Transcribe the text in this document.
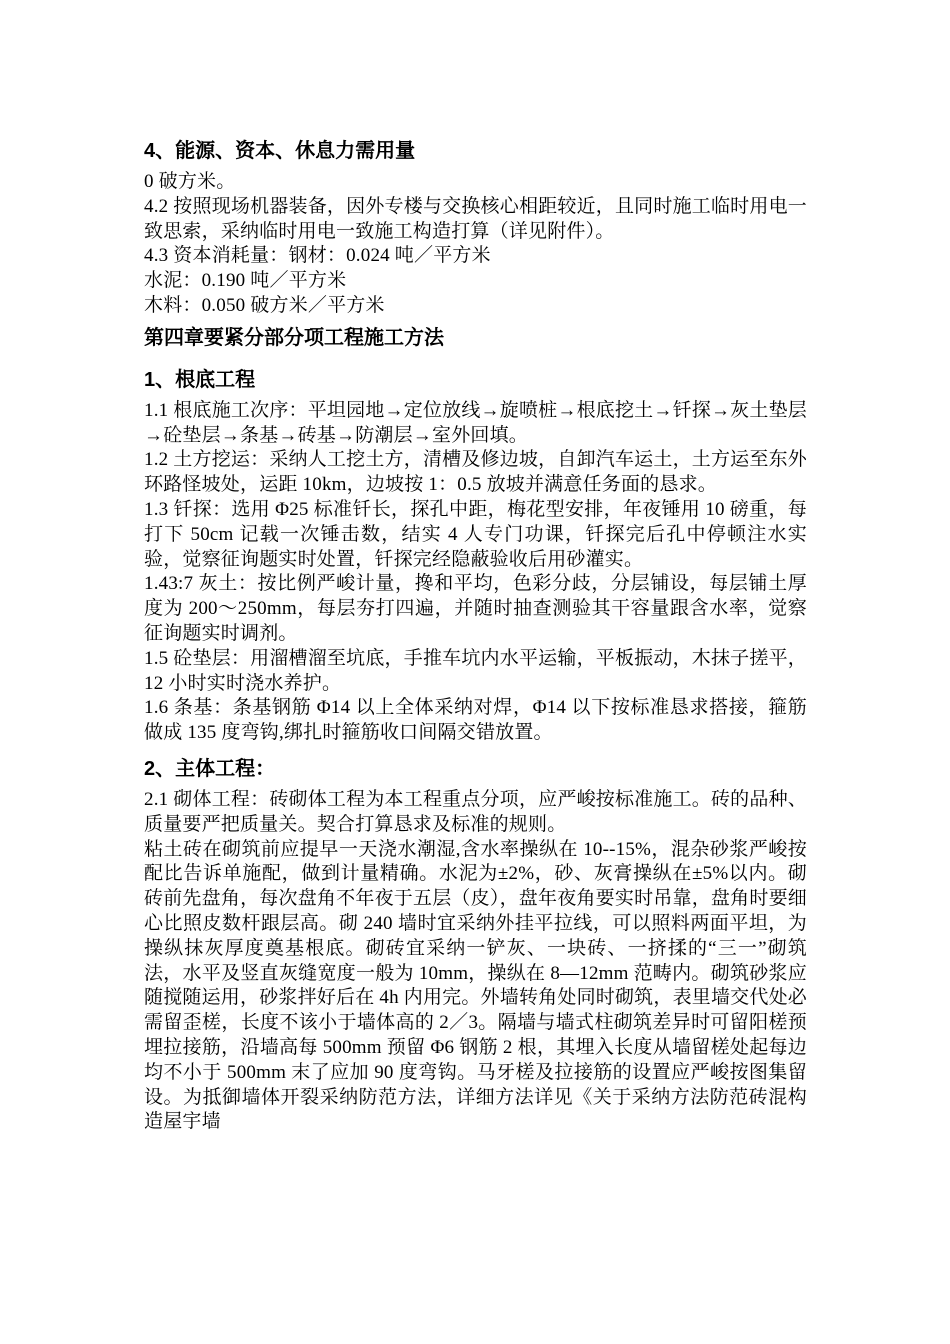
4、能源、资本、休息力需用量
0 破方米。
4.2 按照现场机器装备，因外专楼与交换核心相距较近，且同时施工临时用电一致思索，采纳临时用电一致施工构造打算（详见附件）。
4.3 资本消耗量：钢材：0.024 吨／平方米
水泥：0.190 吨／平方米
木料：0.050 破方米／平方米
第四章要紧分部分项工程施工方法
1、根底工程
1.1 根底施工次序：平坦园地→定位放线→旋喷桩→根底挖土→钎探→灰土垫层→砼垫层→条基→砖基→防潮层→室外回填。
1.2 土方挖运：采纳人工挖土方，清槽及修边坡，自卸汽车运土，土方运至东外环路怪坡处，运距 10km，边坡按 1：0.5 放坡并满意任务面的恳求。
1.3 钎探：选用 Φ25 标准钎长，探孔中距，梅花型安排，年夜锤用 10 磅重，每打下 50cm 记载一次锤击数，结实 4 人专门功课，钎探完后孔中停顿注水实验，觉察征询题实时处置，钎探完经隐蔽验收后用砂灌实。
1.43:7 灰土：按比例严峻计量，搀和平均，色彩分歧，分层铺设，每层铺土厚度为 200～250mm，每层夯打四遍，并随时抽查测验其干容量跟含水率，觉察征询题实时调剂。
1.5 砼垫层：用溜槽溜至坑底，手推车坑内水平运输，平板振动，木抹子搓平，12 小时实时浇水养护。
1.6 条基：条基钢筋 Φ14 以上全体采纳对焊，Φ14 以下按标准恳求搭接，箍筋做成 135 度弯钩,绑扎时箍筋收口间隔交错放置。
2、主体工程：
2.1 砌体工程：砖砌体工程为本工程重点分项，应严峻按标准施工。砖的品种、质量要严把质量关。契合打算恳求及标准的规则。
粘土砖在砌筑前应提早一天浇水潮湿,含水率操纵在 10--15%，混杂砂浆严峻按配比告诉单施配，做到计量精确。水泥为±2%，砂、灰膏操纵在±5%以内。砌砖前先盘角，每次盘角不年夜于五层（皮），盘年夜角要实时吊靠，盘角时要细心比照皮数杆跟层高。砌 240 墙时宜采纳外挂平拉线，可以照料两面平坦，为操纵抹灰厚度奠基根底。砌砖宜采纳一铲灰、一块砖、一挤揉的“三一”砌筑法，水平及竖直灰缝宽度一般为 10mm，操纵在 8—12mm 范畴内。砌筑砂浆应随搅随运用，砂浆拌好后在 4h 内用完。外墙转角处同时砌筑，表里墙交代处必需留歪槎，长度不该小于墙体高的 2／3。隔墙与墙式柱砌筑差异时可留阳槎预埋拉接筋，沿墙高每 500mm 预留 Φ6 钢筋 2 根，其埋入长度从墙留槎处起每边均不小于 500mm 末了应加 90 度弯钩。马牙槎及拉接筋的设置应严峻按图集留设。为抵御墙体开裂采纳防范方法，详细方法详见《关于采纳方法防范砖混构造屋宇墙
